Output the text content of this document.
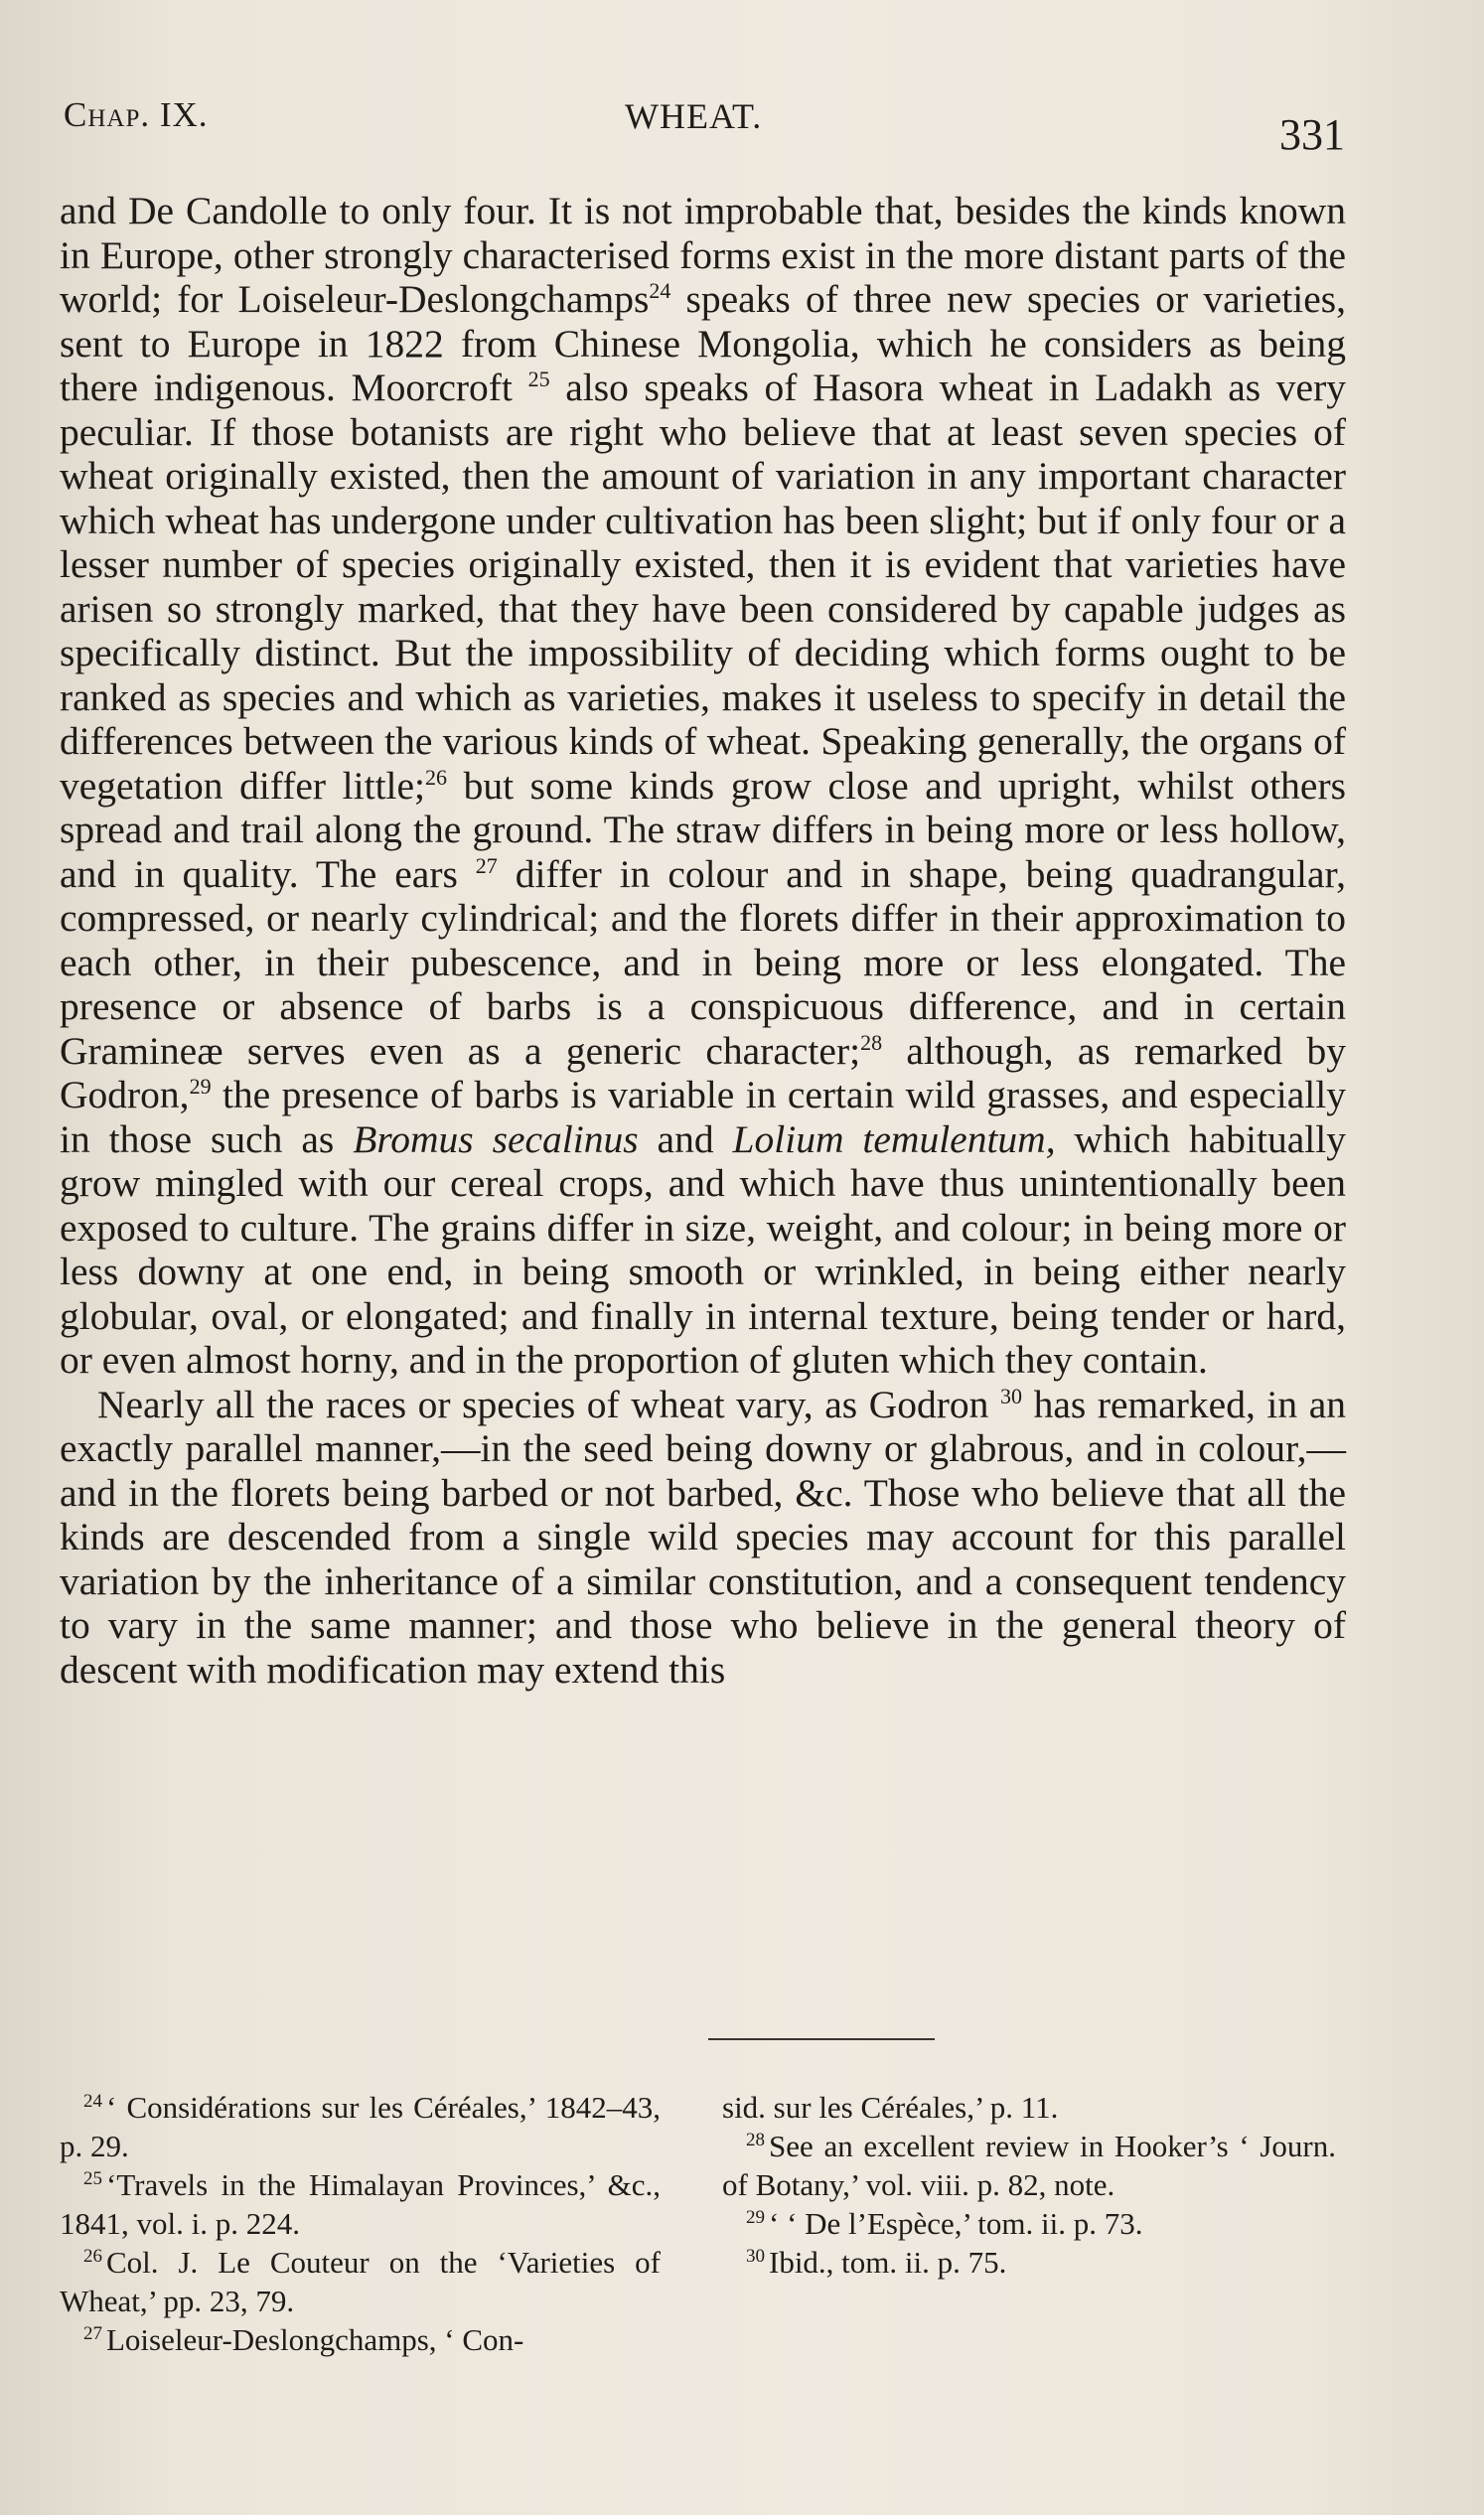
Chap. IX.	WHEAT.	331

and De Candolle to only four. It is not improbable that, besides the kinds known in Europe, other strongly characterised forms exist in the more distant parts of the world; for Loiseleur-Deslongchamps$^{24}$ speaks of three new species or varieties, sent to Europe in 1822 from Chinese Mongolia, which he considers as being there indigenous. Moorcroft $^{25}$ also speaks of Hasora wheat in Ladakh as very peculiar. If those botanists are right who believe that at least seven species of wheat originally existed, then the amount of variation in any important character which wheat has undergone under cultivation has been slight; but if only four or a lesser number of species originally existed, then it is evident that varieties have arisen so strongly marked, that they have been considered by capable judges as specifically distinct. But the impossibility of deciding which forms ought to be ranked as species and which as varieties, makes it useless to specify in detail the differences between the various kinds of wheat. Speaking generally, the organs of vegetation differ little;$^{26}$ but some kinds grow close and upright, whilst others spread and trail along the ground. The straw differs in being more or less hollow, and in quality. The ears $^{27}$ differ in colour and in shape, being quadrangular, compressed, or nearly cylindrical; and the florets differ in their approximation to each other, in their pubescence, and in being more or less elongated. The presence or absence of barbs is a conspicuous difference, and in certain Gramineæ serves even as a generic character;$^{28}$ although, as remarked by Godron,$^{29}$ the presence of barbs is variable in certain wild grasses, and especially in those such as Bromus secalinus and Lolium temulentum, which habitually grow mingled with our cereal crops, and which have thus unintentionally been exposed to culture. The grains differ in size, weight, and colour; in being more or less downy at one end, in being smooth or wrinkled, in being either nearly globular, oval, or elongated; and finally in internal texture, being tender or hard, or even almost horny, and in the proportion of gluten which they contain.

Nearly all the races or species of wheat vary, as Godron $^{30}$ has remarked, in an exactly parallel manner,—in the seed being downy or glabrous, and in colour,—and in the florets being barbed or not barbed, &c. Those who believe that all the kinds are descended from a single wild species may account for this parallel variation by the inheritance of a similar constitution, and a consequent tendency to vary in the same manner; and those who believe in the general theory of descent with modification may extend this

$^{24}$ ‘ Considérations sur les Céréales,’ 1842–43, p. 29.

$^{25}$ ‘Travels in the Himalayan Provinces,’ &c., 1841, vol. i. p. 224.

$^{26}$ Col. J. Le Couteur on the ‘Varieties of Wheat,’ pp. 23, 79.

$^{27}$ Loiseleur-Deslongchamps, ‘ Con-

sid. sur les Céréales,’ p. 11.

$^{28}$ See an excellent review in Hooker’s ‘ Journ. of Botany,’ vol. viii. p. 82, note.

$^{29}$ ‘ ‘ De l’Espèce,’ tom. ii. p. 73.

$^{30}$ Ibid., tom. ii. p. 75.
